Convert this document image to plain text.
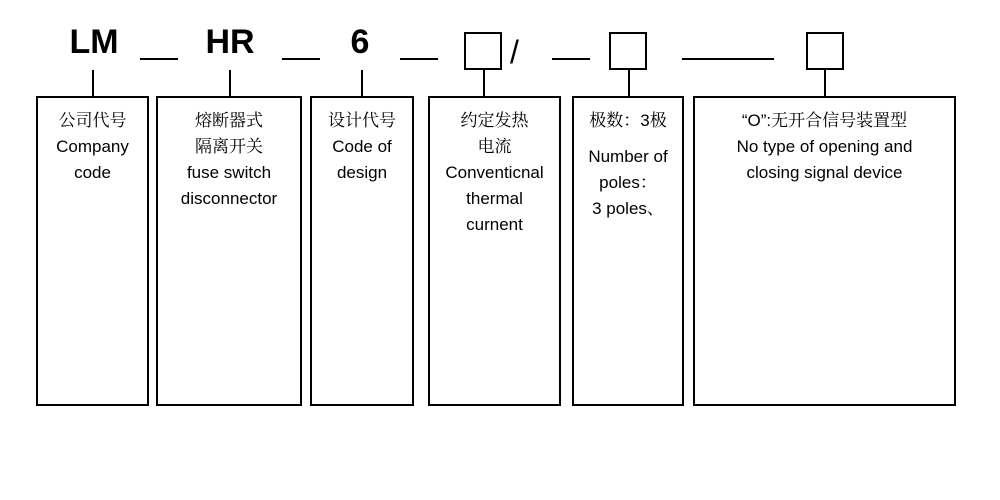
LM	HR	6	/
公司代号
Company
code
熔断器式
隔离开关
fuse switch
disconnector
设计代号
Code of
design
约定发热
电流
Conventicnal
thermal
curnent
极数：3极
Number of
poles：
3 poles、
“O”:无开合信号装置型
No type of opening and
closing signal device
